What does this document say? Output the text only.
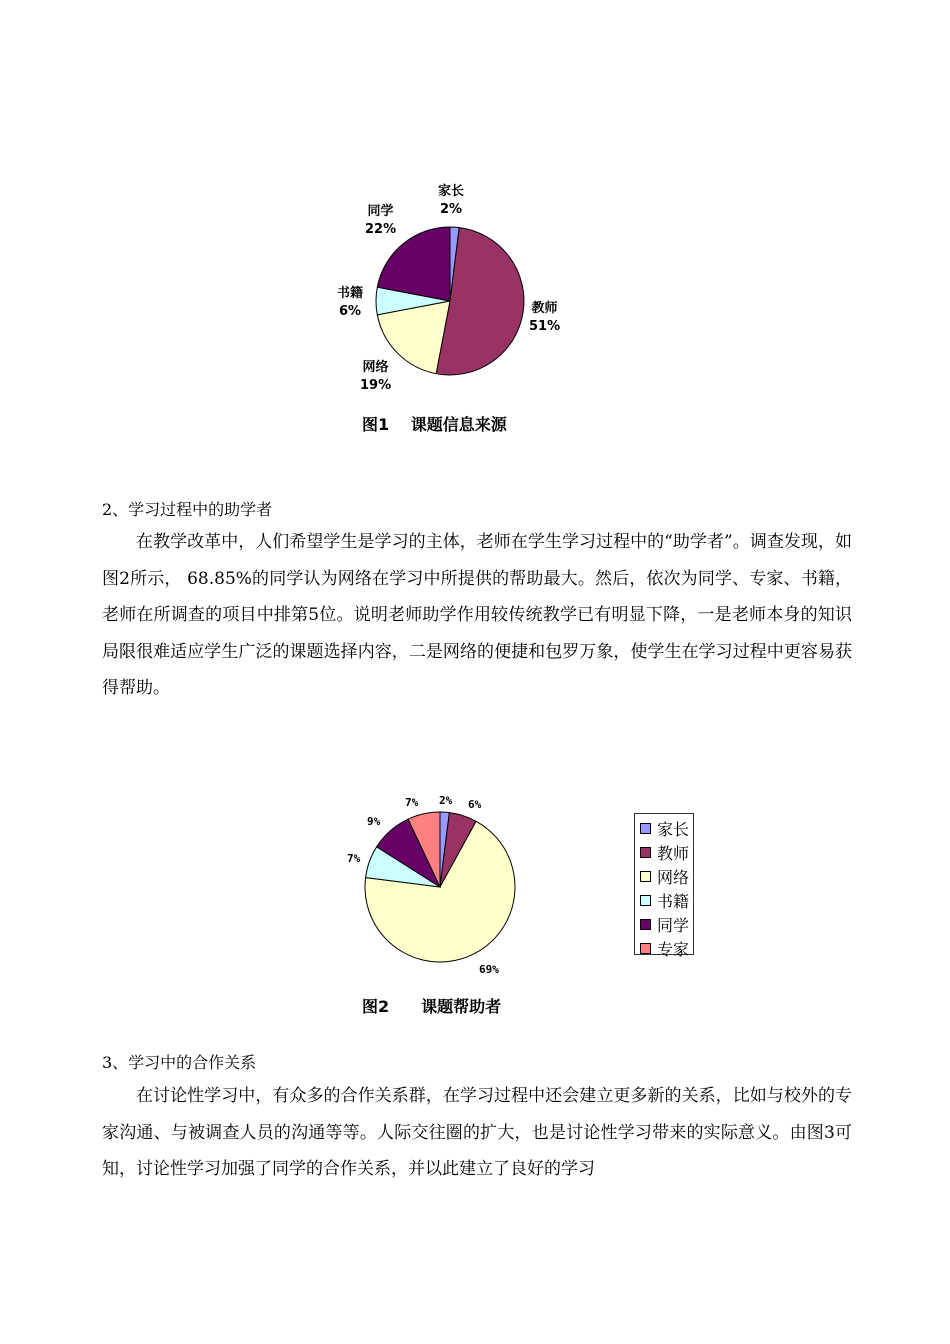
家长
2%
教师
51%
网络
19%
书籍
6%
同学
22%
图1　 课题信息来源
2、学习过程中的助学者
在教学改革中，人们希望学生是学习的主体，老师在学生学习过程中的“助学者”。调查发现，如图2所示， 68.85%的同学认为网络在学习中所提供的帮助最大。然后，依次为同学、专家、书籍，老师在所调查的项目中排第5位。说明老师助学作用较传统教学已有明显下降，一是老师本身的知识局限很难适应学生广泛的课题选择内容，二是网络的便捷和包罗万象，使学生在学习过程中更容易获得帮助。
2% 6%
69%
7%
9%
7%
家长
教师
网络
书籍
同学
专家
图2　　 课题帮助者
3、学习中的合作关系
在讨论性学习中，有众多的合作关系群，在学习过程中还会建立更多新的关系，比如与校外的专家沟通、与被调查人员的沟通等等。人际交往圈的扩大，也是讨论性学习带来的实际意义。由图3可知，讨论性学习加强了同学的合作关系，并以此建立了良好的学习
